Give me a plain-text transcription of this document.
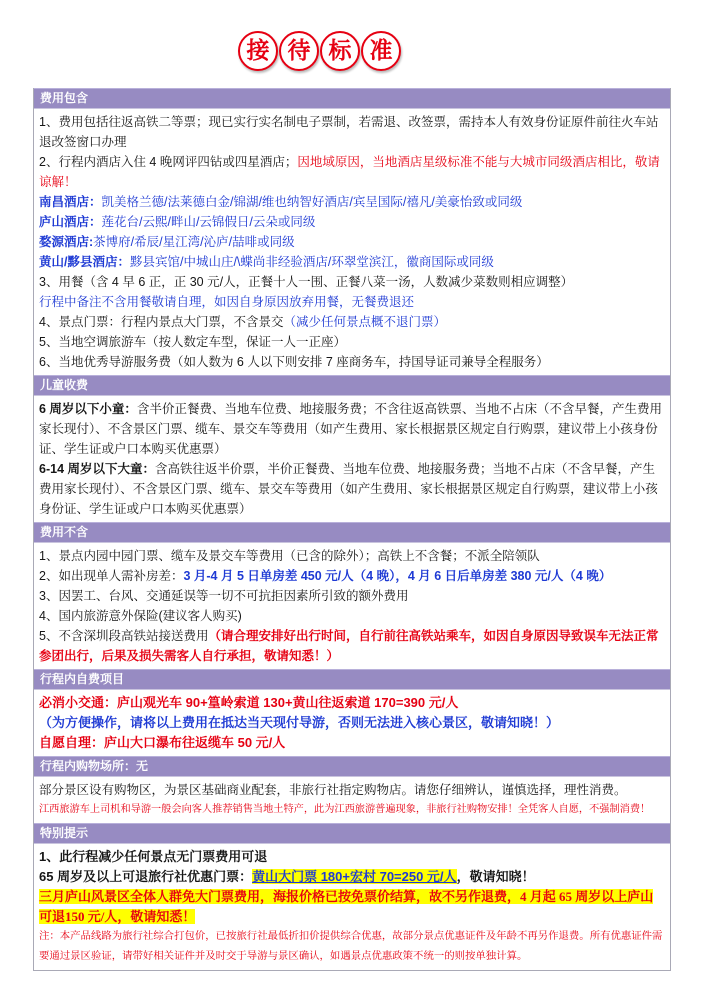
接 待 标 准
费用包含

1、费用包括往返高铁二等票；现已实行实名制电子票制，若需退、改签票，需持本人有效身份证原件前往火车站退改签窗口办理

2、行程内酒店入住 4 晚网评四钻或四星酒店；因地域原因，当地酒店星级标准不能与大城市同级酒店相比，敬请谅解！

南昌酒店：凯美格兰德/法莱德白金/锦湖/维也纳智好酒店/宾呈国际/禧凡/美豪怡致或同级

庐山酒店：莲花台/云熙/畔山/云锦假日/云朵或同级

婺源酒店:茶博府/希辰/星江湾/沁庐/喆啡或同级

黄山/黟县酒店：黟县宾馆/中城山庄/\蝶尚非经验酒店/环翠堂滨江，徽商国际或同级

3、用餐（含 4 早 6 正，正 30 元/人，正餐十人一围、正餐八菜一汤，人数减少菜数则相应调整）

行程中备注不含用餐敬请自理，如因自身原因放弃用餐，无餐费退还

4、景点门票：行程内景点大门票，不含景交（减少任何景点概不退门票）

5、当地空调旅游车（按人数定车型，保证一人一正座）

6、当地优秀导游服务费（如人数为 6 人以下则安排 7 座商务车，持国导证司兼导全程服务）

儿童收费

6 周岁以下小童：含半价正餐费、当地车位费、地接服务费；不含往返高铁票、当地不占床（不含早餐，产生费用家长现付）、不含景区门票、缆车、景交车等费用（如产生费用、家长根据景区规定自行购票，建议带上小孩身份证、学生证或户口本购买优惠票）

6-14 周岁以下大童：含高铁往返半价票，半价正餐费、当地车位费、地接服务费；当地不占床（不含早餐，产生费用家长现付）、不含景区门票、缆车、景交车等费用（如产生费用、家长根据景区规定自行购票，建议带上小孩身份证、学生证或户口本购买优惠票）

费用不含

1、景点内园中园门票、缆车及景交车等费用（已含的除外）；高铁上不含餐；不派全陪领队

2、如出现单人需补房差：3 月-4 月 5 日单房差 450 元/人（4 晚），4 月 6 日后单房差 380 元/人（4 晚）

3、因罢工、台风、交通延误等一切不可抗拒因素所引致的额外费用

4、国内旅游意外保险(建议客人购买)

5、不含深圳段高铁站接送费用（请合理安排好出行时间，自行前往高铁站乘车，如因自身原因导致误车无法正常参团出行，后果及损失需客人自行承担，敬请知悉！）

行程内自费项目

必消小交通：庐山观光车 90+篁岭索道 130+黄山往返索道 170=390 元/人

（为方便操作，请将以上费用在抵达当天现付导游，否则无法进入核心景区，敬请知晓！）

自愿自理：庐山大口瀑布往返缆车 50 元/人

行程内购物场所：无

部分景区设有购物区，为景区基础商业配套，非旅行社指定购物店。请您仔细辨认，谨慎选择，理性消费。

江西旅游车上司机和导游一般会向客人推荐销售当地土特产，此为江西旅游普遍现象，非旅行社购物安排！全凭客人自愿，不强制消费！

特别提示

1、此行程减少任何景点无门票费用可退

65 周岁及以上可退旅行社优惠门票：黄山大门票 180+宏村 70=250 元/人，敬请知晓！

三月庐山风景区全体人群免大门票费用，海报价格已按免票价结算，故不另作退费，4 月起 65 周岁以上庐山可退150 元/人，敬请知悉！

注：本产品线路为旅行社综合打包价，已按旅行社最低折扣价提供综合优惠，故部分景点优惠证件及年龄不再另作退费。所有优惠证件需要通过景区验证，请带好相关证件并及时交于导游与景区确认，如遇景点优惠政策不统一的则按单独计算。
